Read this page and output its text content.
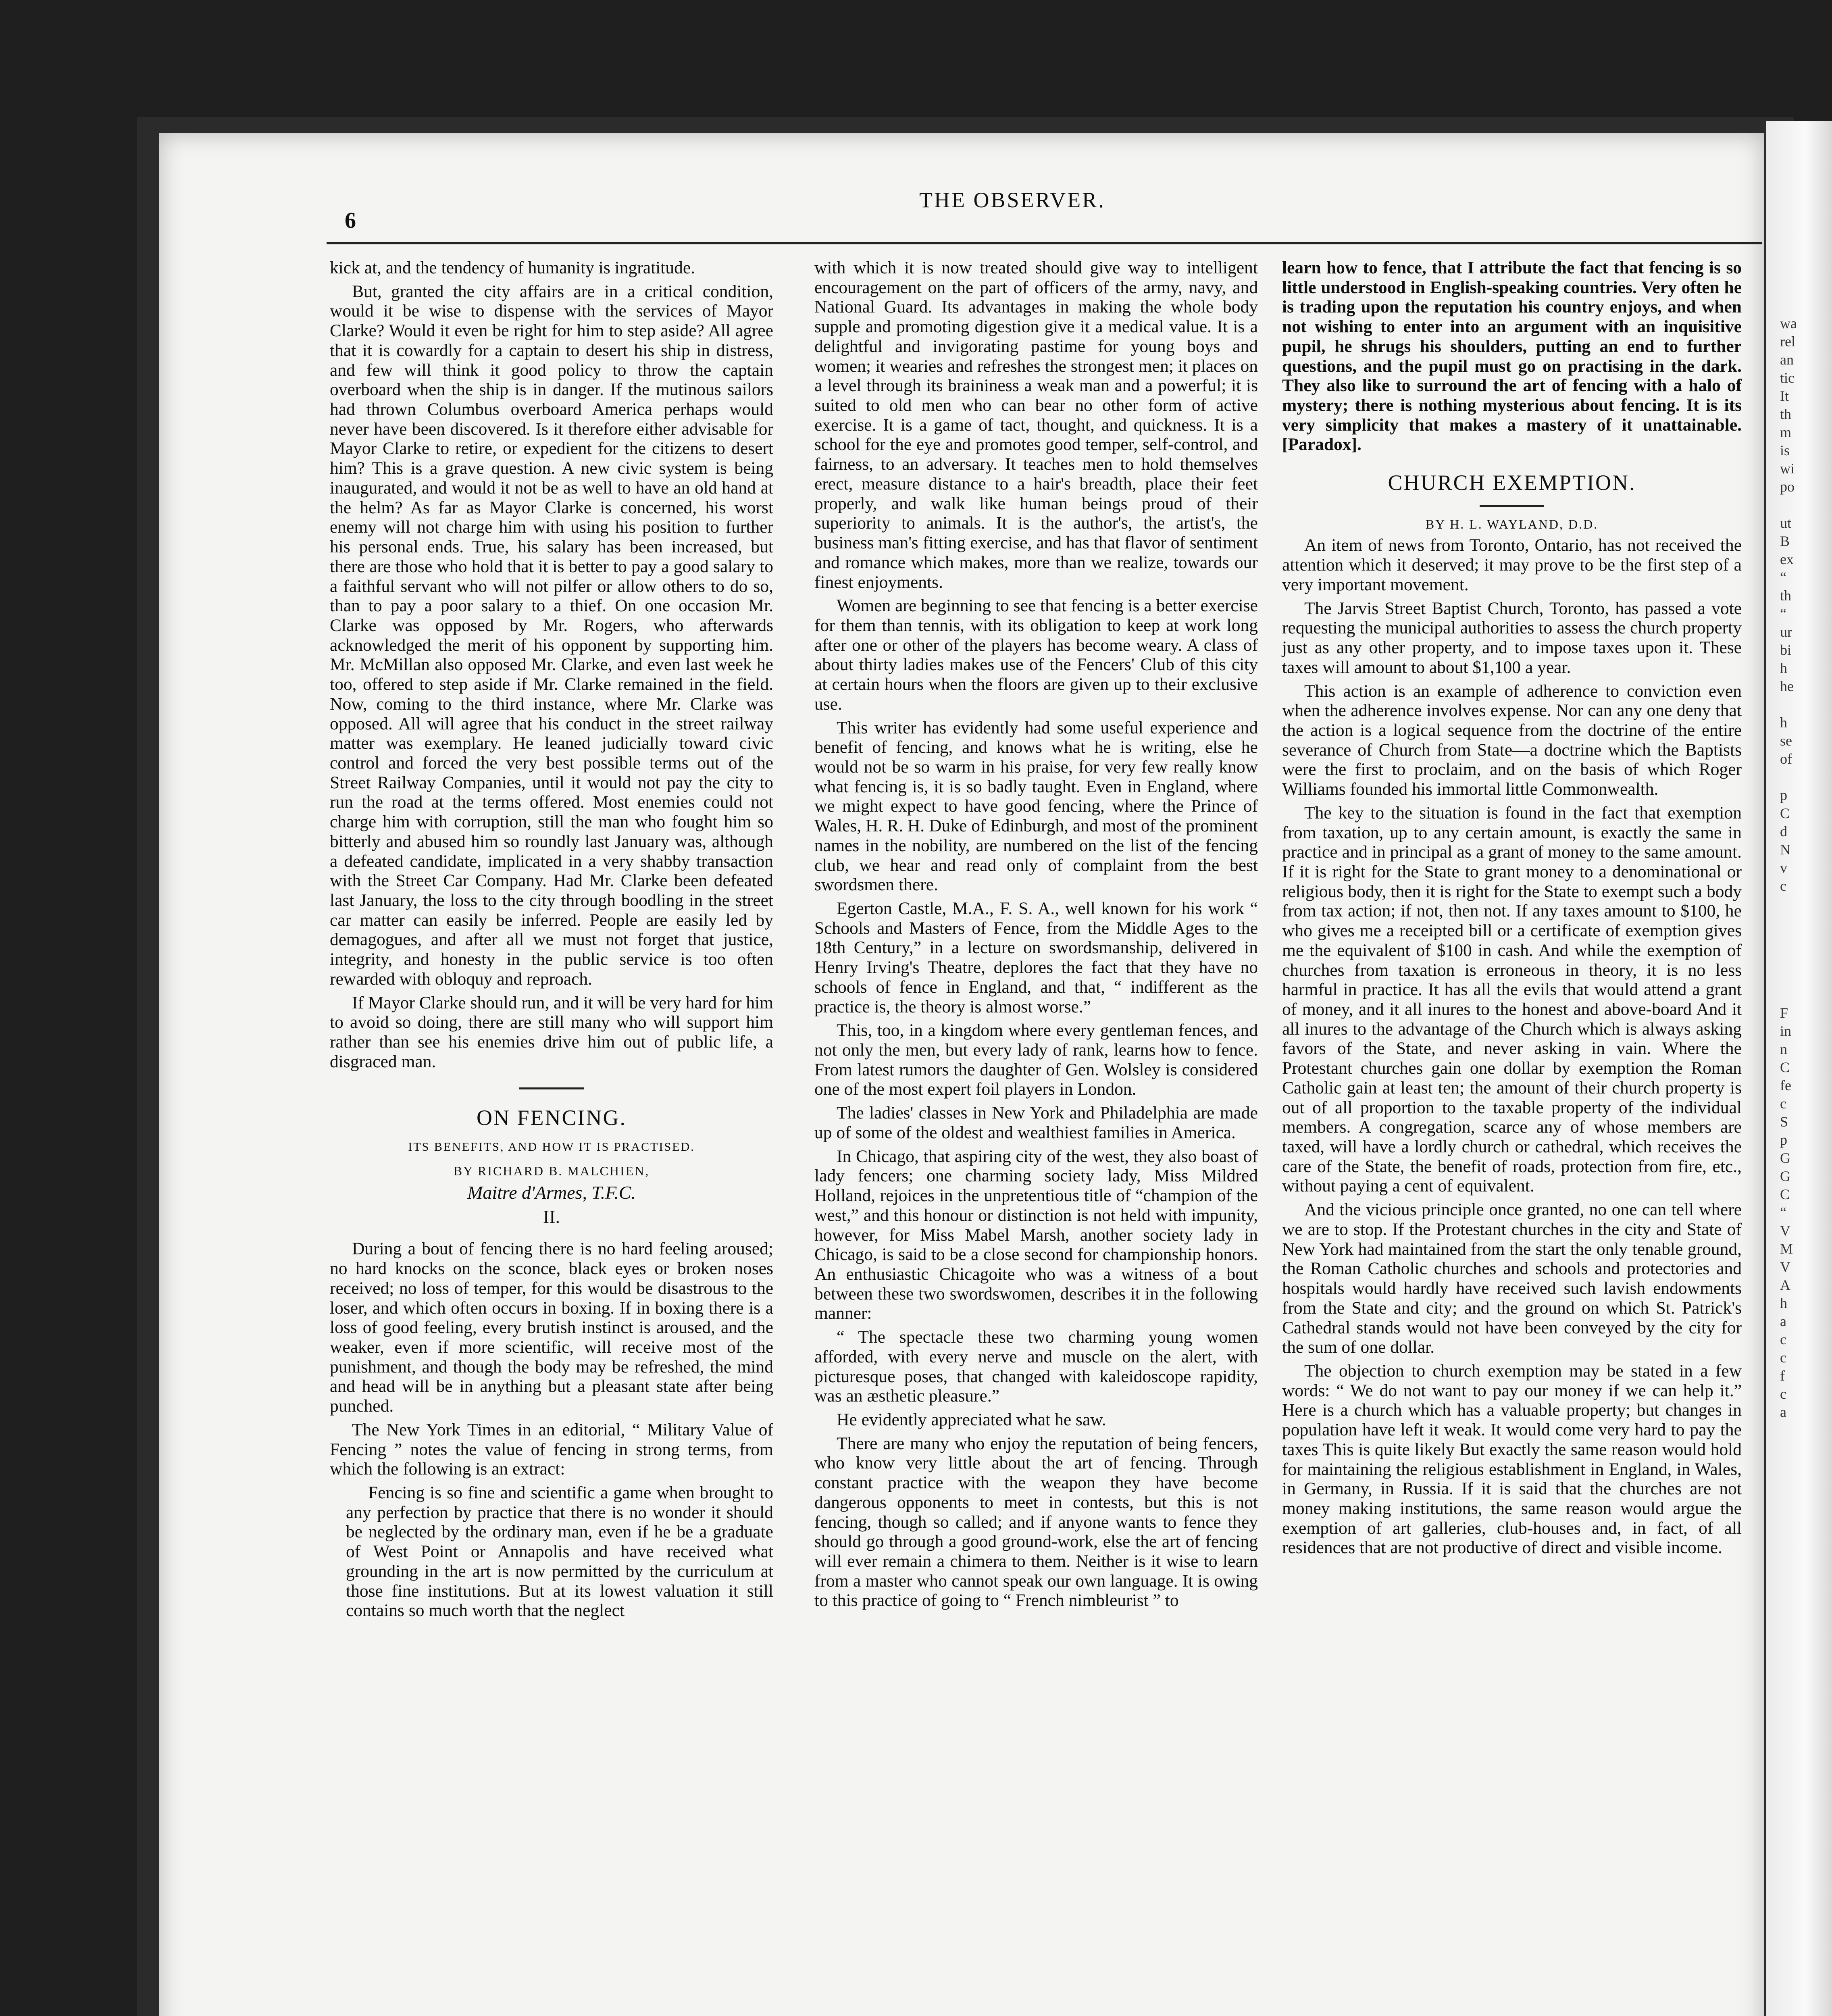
6
THE OBSERVER.

kick at, and the tendency of humanity is ingratitude.

But, granted the city affairs are in a critical condition, would it be wise to dispense with the services of Mayor Clarke? Would it even be right for him to step aside? All agree that it is cowardly for a captain to desert his ship in distress, and few will think it good policy to throw the captain overboard when the ship is in danger. If the mutinous sailors had thrown Columbus overboard America perhaps would never have been discovered. Is it therefore either advisable for Mayor Clarke to retire, or expedient for the citizens to desert him? This is a grave question. A new civic system is being inaugurated, and would it not be as well to have an old hand at the helm? As far as Mayor Clarke is concerned, his worst enemy will not charge him with using his position to further his personal ends. True, his salary has been increased, but there are those who hold that it is better to pay a good salary to a faithful servant who will not pilfer or allow others to do so, than to pay a poor salary to a thief. On one occasion Mr. Clarke was opposed by Mr. Rogers, who afterwards acknowledged the merit of his opponent by supporting him. Mr. McMillan also opposed Mr. Clarke, and even last week he too, offered to step aside if Mr. Clarke remained in the field. Now, coming to the third instance, where Mr. Clarke was opposed. All will agree that his conduct in the street railway matter was exemplary. He leaned judicially toward civic control and forced the very best possible terms out of the Street Railway Companies, until it would not pay the city to run the road at the terms offered. Most enemies could not charge him with corruption, still the man who fought him so bitterly and abused him so roundly last January was, although a defeated candidate, implicated in a very shabby transaction with the Street Car Company. Had Mr. Clarke been defeated last January, the loss to the city through boodling in the street car matter can easily be inferred. People are easily led by demagogues, and after all we must not forget that justice, integrity, and honesty in the public service is too often rewarded with obloquy and reproach.

If Mayor Clarke should run, and it will be very hard for him to avoid so doing, there are still many who will support him rather than see his enemies drive him out of public life, a disgraced man.

ON FENCING.

ITS BENEFITS, AND HOW IT IS PRACTISED.

BY RICHARD B. MALCHIEN,

Maitre d'Armes, T.F.C.

II.

During a bout of fencing there is no hard feeling aroused; no hard knocks on the sconce, black eyes or broken noses received; no loss of temper, for this would be disastrous to the loser, and which often occurs in boxing. If in boxing there is a loss of good feeling, every brutish instinct is aroused, and the weaker, even if more scientific, will receive most of the punishment, and though the body may be refreshed, the mind and head will be in anything but a pleasant state after being punched.

The New York Times in an editorial, “ Military Value of Fencing ” notes the value of fencing in strong terms, from which the following is an extract:

Fencing is so fine and scientific a game when brought to any perfection by practice that there is no wonder it should be neglected by the ordinary man, even if he be a graduate of West Point or Annapolis and have received what grounding in the art is now permitted by the curriculum at those fine institutions. But at its lowest valuation it still contains so much worth that the neglect

with which it is now treated should give way to intelligent encouragement on the part of officers of the army, navy, and National Guard. Its advantages in making the whole body supple and promoting digestion give it a medical value. It is a delightful and invigorating pastime for young boys and women; it wearies and refreshes the strongest men; it places on a level through its braininess a weak man and a powerful; it is suited to old men who can bear no other form of active exercise. It is a game of tact, thought, and quickness. It is a school for the eye and promotes good temper, self-control, and fairness, to an adversary. It teaches men to hold themselves erect, measure distance to a hair's breadth, place their feet properly, and walk like human beings proud of their superiority to animals. It is the author's, the artist's, the business man's fitting exercise, and has that flavor of sentiment and romance which makes, more than we realize, towards our finest enjoyments.

Women are beginning to see that fencing is a better exercise for them than tennis, with its obligation to keep at work long after one or other of the players has become weary. A class of about thirty ladies makes use of the Fencers' Club of this city at certain hours when the floors are given up to their exclusive use.

This writer has evidently had some useful experience and benefit of fencing, and knows what he is writing, else he would not be so warm in his praise, for very few really know what fencing is, it is so badly taught. Even in England, where we might expect to have good fencing, where the Prince of Wales, H. R. H. Duke of Edinburgh, and most of the prominent names in the nobility, are numbered on the list of the fencing club, we hear and read only of complaint from the best swordsmen there.

Egerton Castle, M.A., F. S. A., well known for his work “ Schools and Masters of Fence, from the Middle Ages to the 18th Century,” in a lecture on swordsmanship, delivered in Henry Irving's Theatre, deplores the fact that they have no schools of fence in England, and that, “ indifferent as the practice is, the theory is almost worse.”

This, too, in a kingdom where every gentleman fences, and not only the men, but every lady of rank, learns how to fence. From latest rumors the daughter of Gen. Wolsley is considered one of the most expert foil players in London.

The ladies' classes in New York and Philadelphia are made up of some of the oldest and wealthiest families in America.

In Chicago, that aspiring city of the west, they also boast of lady fencers; one charming society lady, Miss Mildred Holland, rejoices in the unpretentious title of “champion of the west,” and this honour or distinction is not held with impunity, however, for Miss Mabel Marsh, another society lady in Chicago, is said to be a close second for championship honors. An enthusiastic Chicagoite who was a witness of a bout between these two swordswomen, describes it in the following manner:

“ The spectacle these two charming young women afforded, with every nerve and muscle on the alert, with picturesque poses, that changed with kaleidoscope rapidity, was an æsthetic pleasure.”

He evidently appreciated what he saw.

There are many who enjoy the reputation of being fencers, who know very little about the art of fencing. Through constant practice with the weapon they have become dangerous opponents to meet in contests, but this is not fencing, though so called; and if anyone wants to fence they should go through a good ground-work, else the art of fencing will ever remain a chimera to them. Neither is it wise to learn from a master who cannot speak our own language. It is owing to this practice of going to “ French nimbleurist ” to

learn how to fence, that I attribute the fact that fencing is so little understood in English-speaking countries. Very often he is trading upon the reputation his country enjoys, and when not wishing to enter into an argument with an inquisitive pupil, he shrugs his shoulders, putting an end to further questions, and the pupil must go on practising in the dark. They also like to surround the art of fencing with a halo of mystery; there is nothing mysterious about fencing. It is its very simplicity that makes a mastery of it unattainable. [Paradox].

CHURCH EXEMPTION.

BY H. L. WAYLAND, D.D.

An item of news from Toronto, Ontario, has not received the attention which it deserved; it may prove to be the first step of a very important movement.

The Jarvis Street Baptist Church, Toronto, has passed a vote requesting the municipal authorities to assess the church property just as any other property, and to impose taxes upon it. These taxes will amount to about $1,100 a year.

This action is an example of adherence to conviction even when the adherence involves expense. Nor can any one deny that the action is a logical sequence from the doctrine of the entire severance of Church from State—a doctrine which the Baptists were the first to proclaim, and on the basis of which Roger Williams founded his immortal little Commonwealth.

The key to the situation is found in the fact that exemption from taxation, up to any certain amount, is exactly the same in practice and in principal as a grant of money to the same amount. If it is right for the State to grant money to a denominational or religious body, then it is right for the State to exempt such a body from tax action; if not, then not. If any taxes amount to $100, he who gives me a receipted bill or a certificate of exemption gives me the equivalent of $100 in cash. And while the exemption of churches from taxation is erroneous in theory, it is no less harmful in practice. It has all the evils that would attend a grant of money, and it all inures to the honest and above-board And it all inures to the advantage of the Church which is always asking favors of the State, and never asking in vain. Where the Protestant churches gain one dollar by exemption the Roman Catholic gain at least ten; the amount of their church property is out of all proportion to the taxable property of the individual members. A congregation, scarce any of whose members are taxed, will have a lordly church or cathedral, which receives the care of the State, the benefit of roads, protection from fire, etc., without paying a cent of equivalent.

And the vicious principle once granted, no one can tell where we are to stop. If the Protestant churches in the city and State of New York had maintained from the start the only tenable ground, the Roman Catholic churches and schools and protectories and hospitals would hardly have received such lavish endowments from the State and city; and the ground on which St. Patrick's Cathedral stands would not have been conveyed by the city for the sum of one dollar.

The objection to church exemption may be stated in a few words: “ We do not want to pay our money if we can help it.” Here is a church which has a valuable property; but changes in population have left it weak. It would come very hard to pay the taxes This is quite likely But exactly the same reason would hold for maintaining the religious establishment in England, in Wales, in Germany, in Russia. If it is said that the churches are not money making institutions, the same reason would argue the exemption of art galleries, club-houses and, in fact, of all residences that are not productive of direct and visible income.

wa
rel
an
tic
It
th
m
is
wi
po
ut
B
ex
“
th
“
ur
bi
h
he
h
se
of
p
C
d
N
v
c
F
in
n
C
fe
c
S
p
G
G
C
“
V
M
V
A
h
a
c
c
f
c
a
